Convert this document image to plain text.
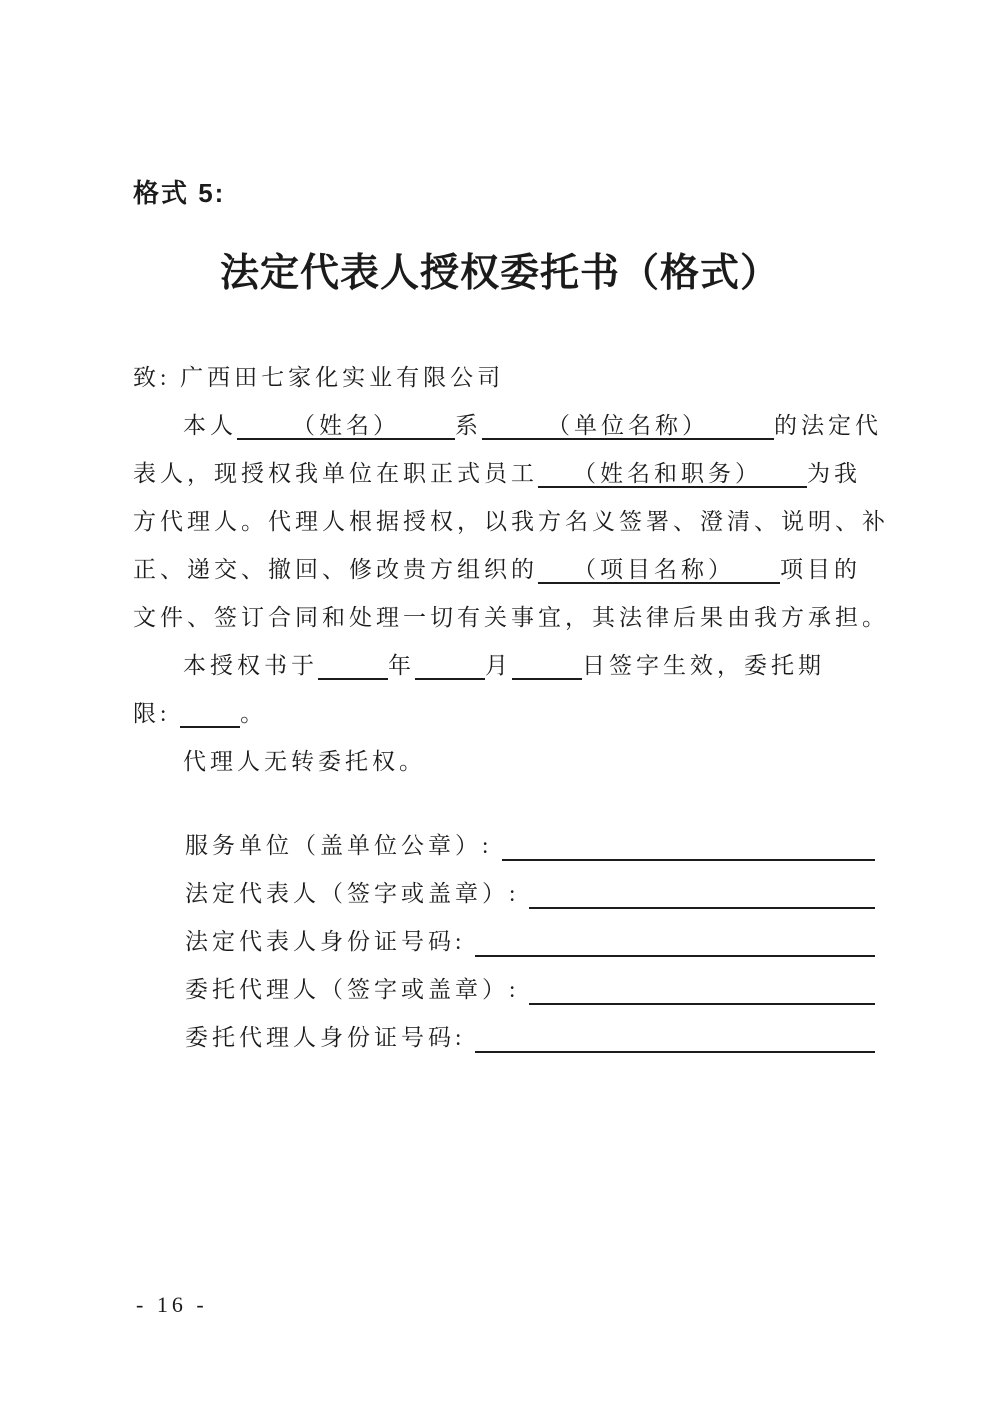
格式 5:
法定代表人授权委托书（格式）
致: 广西田七家化实业有限公司
本人 （姓名） 系	（单位名称）	的法定代
表人，现授权我单位在职正式员工 （姓名和职务） 为我
方代理人。代理人根据授权，以我方名义签署、澄清、说明、补
正、递交、撤回、修改贵方组织的 （项目名称） 项目的
文件、签订合同和处理一切有关事宜，其法律后果由我方承担。
本授权书于	年	月	日签字生效，委托期
限:	。
代理人无转委托权。
服务单位（盖单位公章）:
法定代表人（签字或盖章）:
法定代表人身份证号码:
委托代理人（签字或盖章）:
委托代理人身份证号码:
- 16 -
